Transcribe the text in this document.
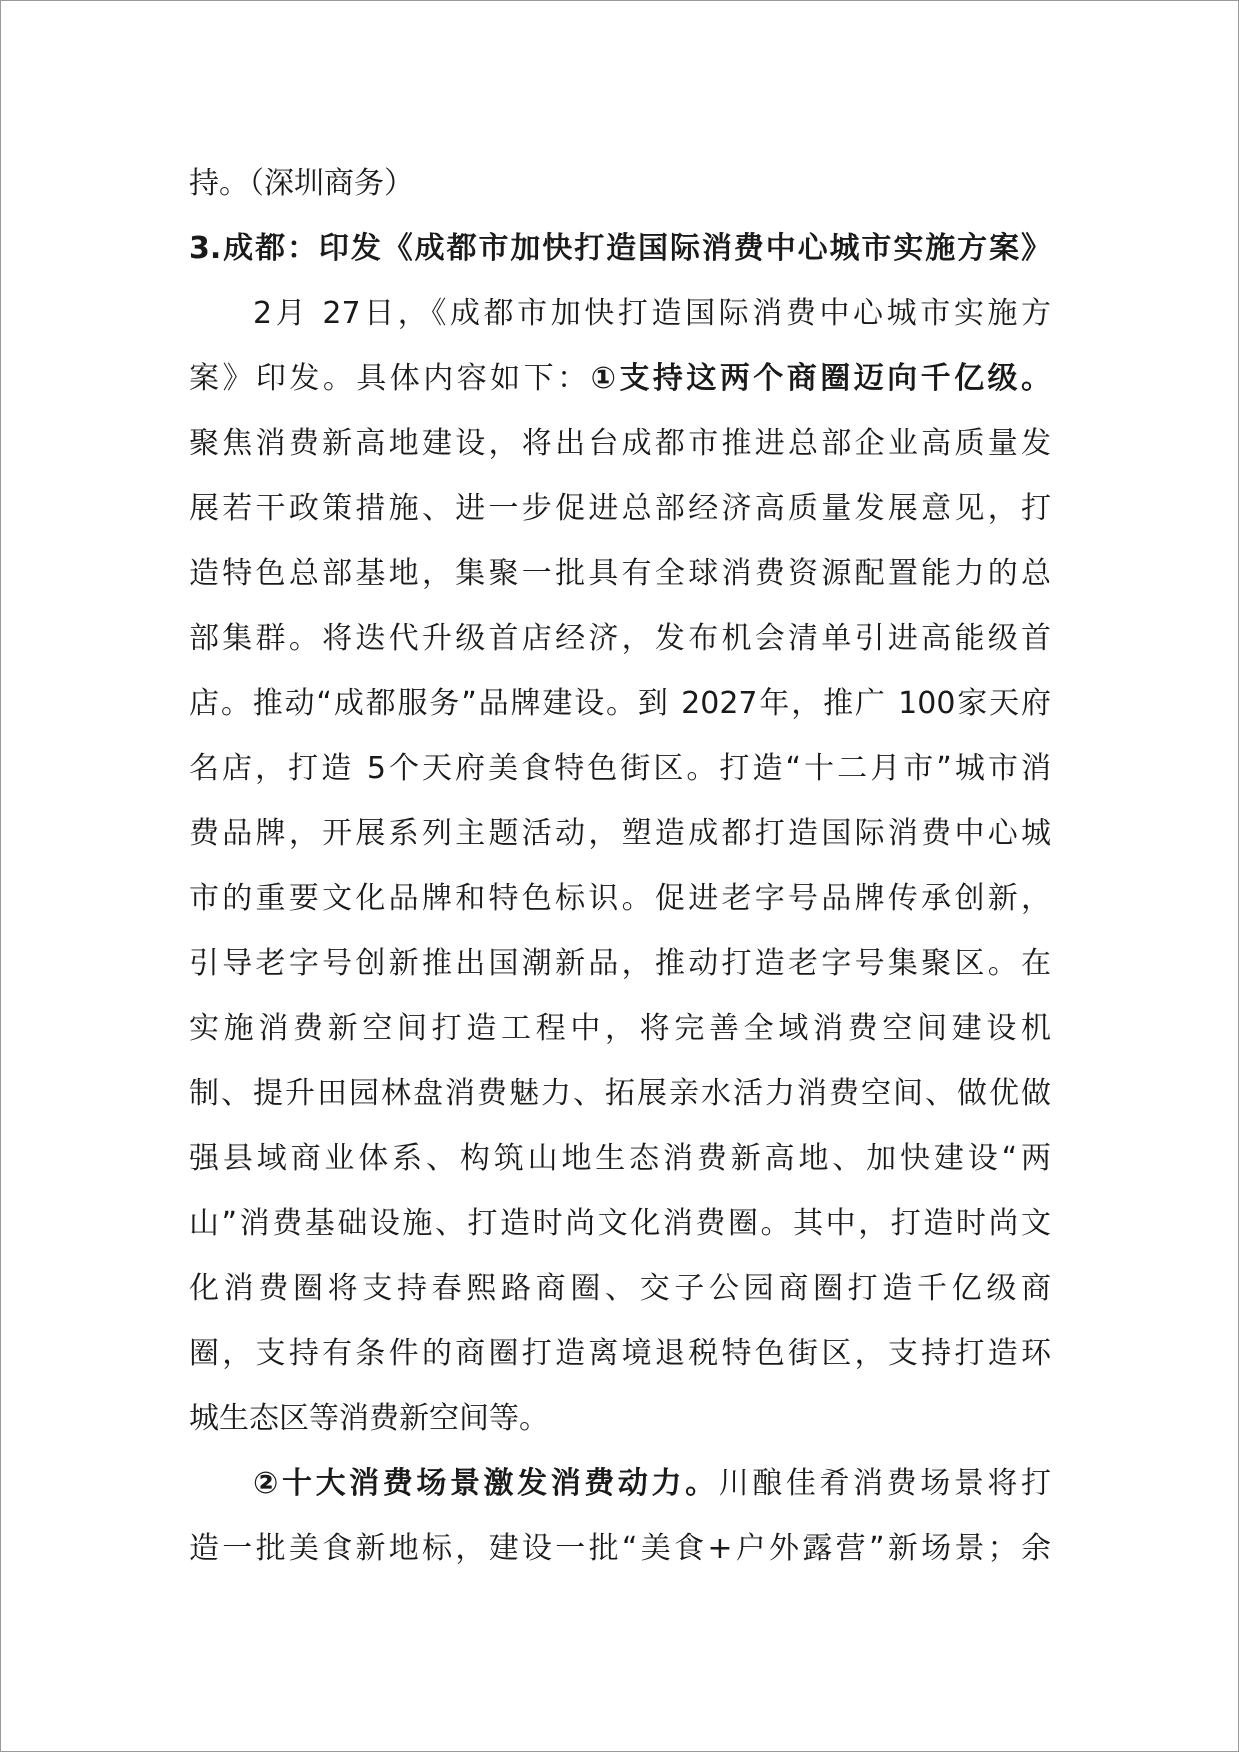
持。（深圳商务）
3.成都：印发《成都市加快打造国际消费中心城市实施方案》
2月 27日，《成都市加快打造国际消费中心城市实施方
案》印发。具体内容如下：①支持这两个商圈迈向千亿级。
聚焦消费新高地建设，将出台成都市推进总部企业高质量发
展若干政策措施、进一步促进总部经济高质量发展意见，打
造特色总部基地，集聚一批具有全球消费资源配置能力的总
部集群。将迭代升级首店经济，发布机会清单引进高能级首
店。推动“成都服务”品牌建设。到 2027年，推广 100家天府
名店，打造 5个天府美食特色街区。打造“十二月市”城市消
费品牌，开展系列主题活动，塑造成都打造国际消费中心城
市的重要文化品牌和特色标识。促进老字号品牌传承创新，
引导老字号创新推出国潮新品，推动打造老字号集聚区。在
实施消费新空间打造工程中，将完善全域消费空间建设机
制、提升田园林盘消费魅力、拓展亲水活力消费空间、做优做
强县域商业体系、构筑山地生态消费新高地、加快建设“两
山”消费基础设施、打造时尚文化消费圈。其中，打造时尚文
化消费圈将支持春熙路商圈、交子公园商圈打造千亿级商
圈，支持有条件的商圈打造离境退税特色街区，支持打造环
城生态区等消费新空间等。
②十大消费场景激发消费动力。川酿佳肴消费场景将打
造一批美食新地标，建设一批“美食+户外露营”新场景；余
